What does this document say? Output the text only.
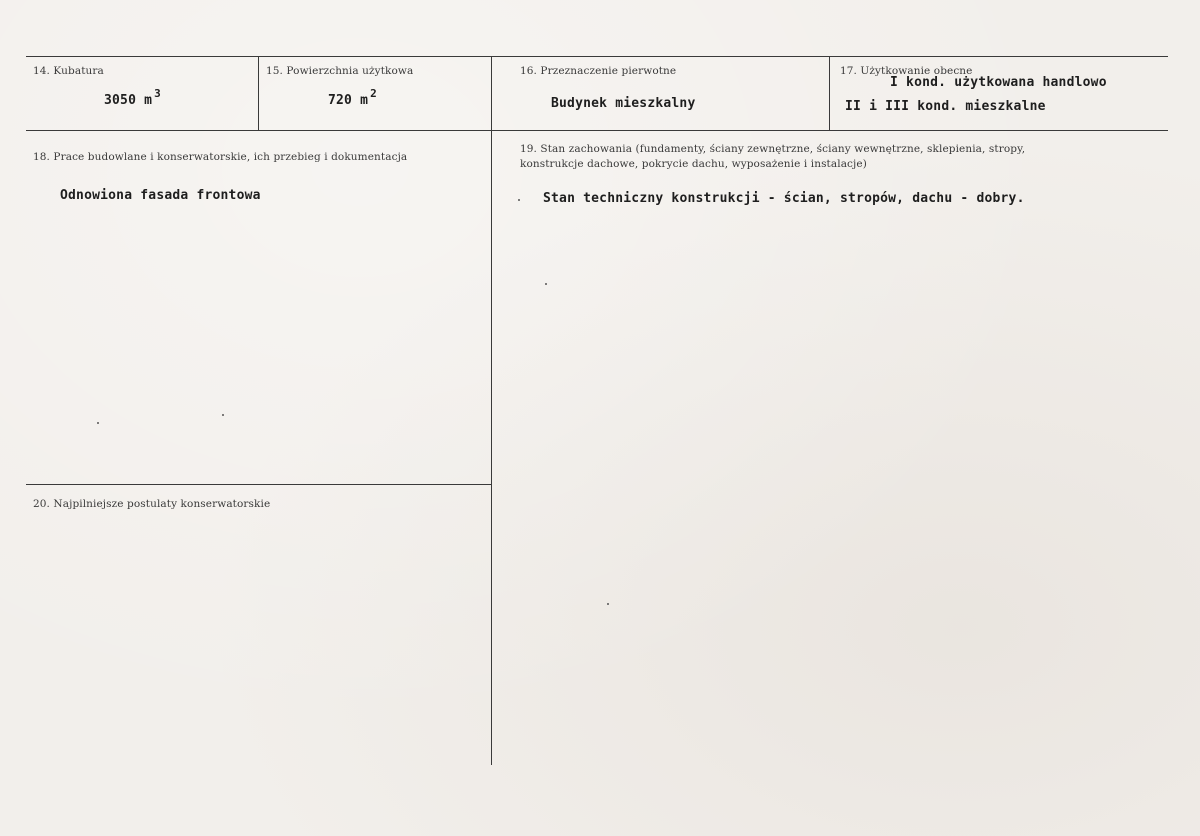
14. Kubatura
3050 m $^3$
15. Powierzchnia użytkowa
720 m $^2$
16. Przeznaczenie pierwotne
Budynek mieszkalny
17. Użytkowanie obecne
I kond. użytkowana handlowo
II i III kond. mieszkalne
18. Prace budowlane i konserwatorskie, ich przebieg i dokumentacja
Odnowiona fasada frontowa
19. Stan zachowania (fundamenty, ściany zewnętrzne, ściany wewnętrzne, sklepienia, stropy, konstrukcje dachowe, pokrycie dachu, wyposażenie i instalacje)
Stan techniczny konstrukcji - ścian, stropów, dachu - dobry.
20. Najpilniejsze postulaty konserwatorskie
